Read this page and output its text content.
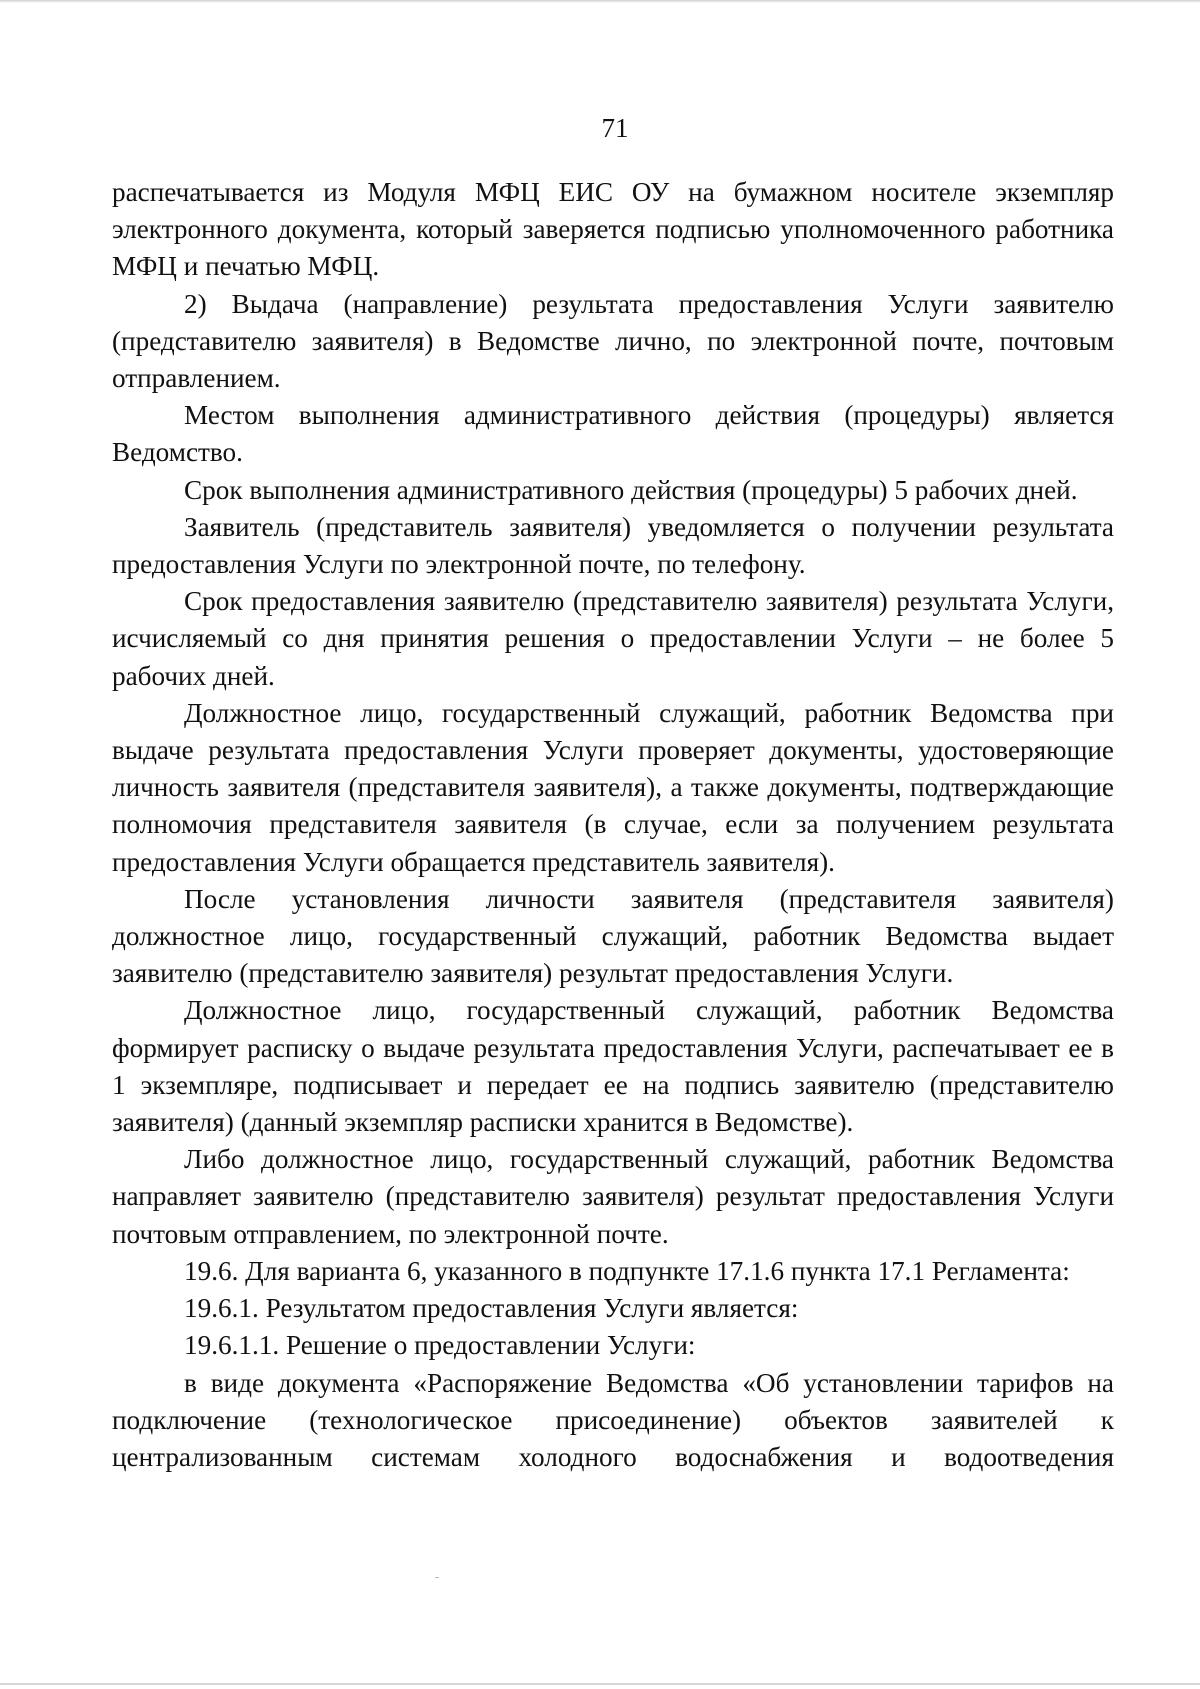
71

распечатывается из Модуля МФЦ ЕИС ОУ на бумажном носителе экземпляр электронного документа, который заверяется подписью уполномоченного работника МФЦ и печатью МФЦ.

2) Выдача (направление) результата предоставления Услуги заявителю (представителю заявителя) в Ведомстве лично, по электронной почте, почтовым отправлением.

Местом выполнения административного действия (процедуры) является Ведомство.

Срок выполнения административного действия (процедуры) 5 рабочих дней.

Заявитель (представитель заявителя) уведомляется о получении результата предоставления Услуги по электронной почте, по телефону.

Срок предоставления заявителю (представителю заявителя) результата Услуги, исчисляемый со дня принятия решения о предоставлении Услуги – не более 5 рабочих дней.

Должностное лицо, государственный служащий, работник Ведомства при выдаче результата предоставления Услуги проверяет документы, удостоверяющие личность заявителя (представителя заявителя), а также документы, подтверждающие полномочия представителя заявителя (в случае, если за получением результата предоставления Услуги обращается представитель заявителя).

После установления личности заявителя (представителя заявителя) должностное лицо, государственный служащий, работник Ведомства выдает заявителю (представителю заявителя) результат предоставления Услуги.

Должностное лицо, государственный служащий, работник Ведомства формирует расписку о выдаче результата предоставления Услуги, распечатывает ее в 1 экземпляре, подписывает и передает ее на подпись заявителю (представителю заявителя) (данный экземпляр расписки хранится в Ведомстве).

Либо должностное лицо, государственный служащий, работник Ведомства направляет заявителю (представителю заявителя) результат предоставления Услуги почтовым отправлением, по электронной почте.

19.6. Для варианта 6, указанного в подпункте 17.1.6 пункта 17.1 Регламента:

19.6.1. Результатом предоставления Услуги является:

19.6.1.1. Решение о предоставлении Услуги:

в виде документа «Распоряжение Ведомства «Об установлении тарифов на подключение (технологическое присоединение) объектов заявителей к централизованным системам холодного водоснабжения и водоотведения
